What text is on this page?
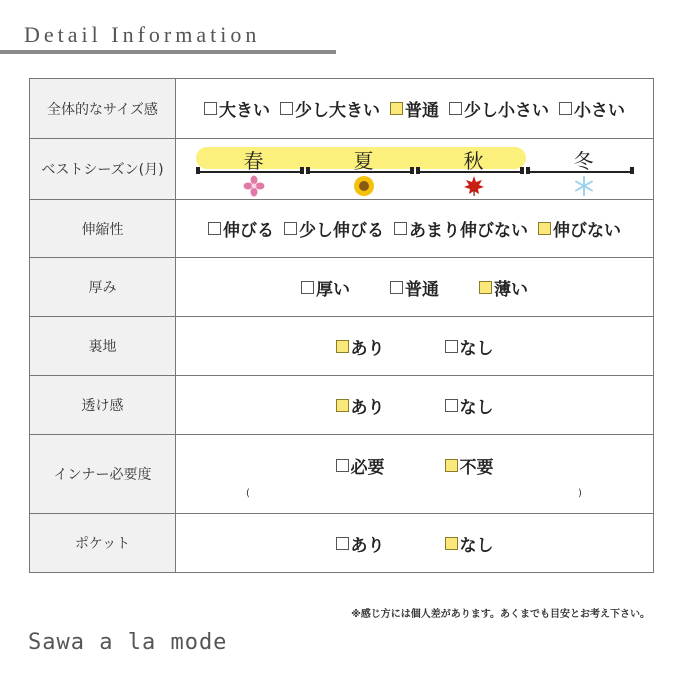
Detail Information
全体的なサイズ感	大きい 少し大きい 普通 少し小さい 小さい

ベストシーズン(月)	春 夏 秋 冬

伸縮性	伸びる 少し伸びる あまり伸びない 伸びない

厚み	厚い 普通 薄い

裏地	あり なし

透け感	あり なし

インナー必要度	必要 不要
( )

ポケット	あり なし
※感じ方には個人差があります。あくまでも目安とお考え下さい。
Sawa a la mode
